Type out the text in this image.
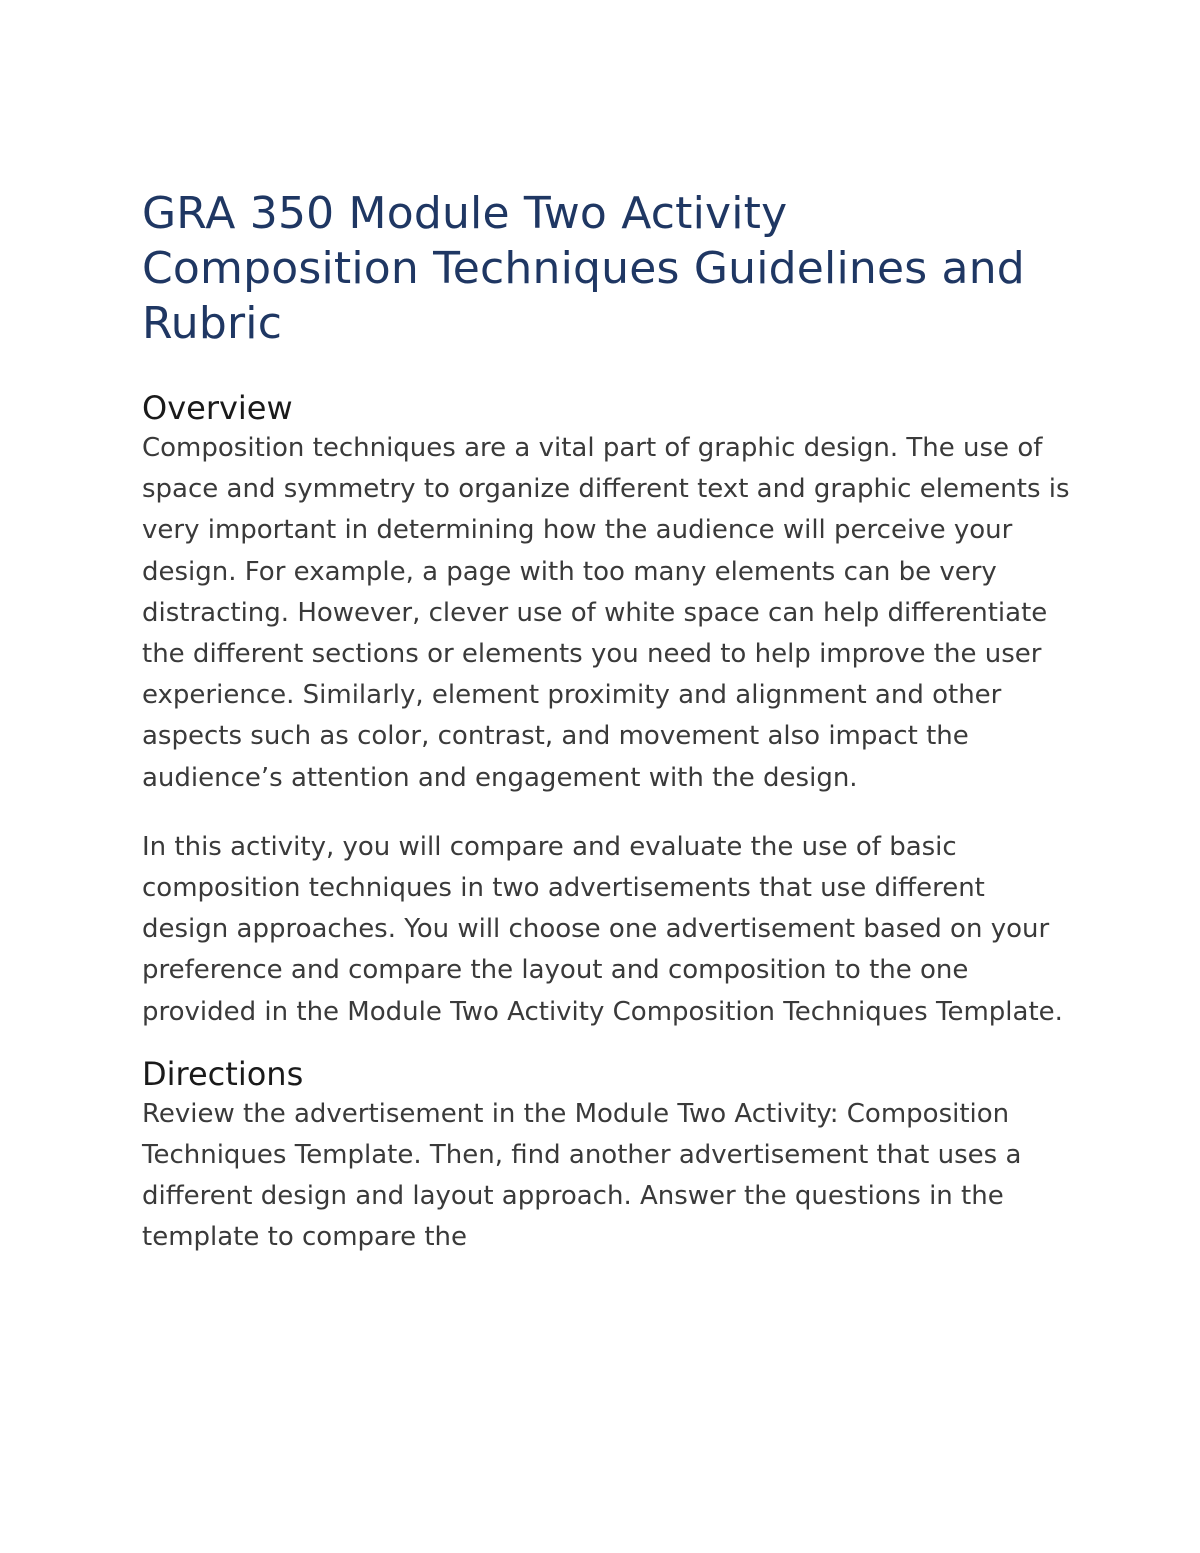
GRA 350 Module Two Activity Composition Techniques Guidelines and Rubric
Overview

Composition techniques are a vital part of graphic design. The use of space and symmetry to organize different text and graphic elements is very important in determining how the audience will perceive your design. For example, a page with too many elements can be very distracting. However, clever use of white space can help differentiate the different sections or elements you need to help improve the user experience. Similarly, element proximity and alignment and other aspects such as color, contrast, and movement also impact the audience’s attention and engagement with the design.

In this activity, you will compare and evaluate the use of basic composition techniques in two advertisements that use different design approaches. You will choose one advertisement based on your preference and compare the layout and composition to the one provided in the Module Two Activity Composition Techniques Template.

Directions

Review the advertisement in the Module Two Activity: Composition Techniques Template. Then, find another advertisement that uses a different design and layout approach. Answer the questions in the template to compare the
